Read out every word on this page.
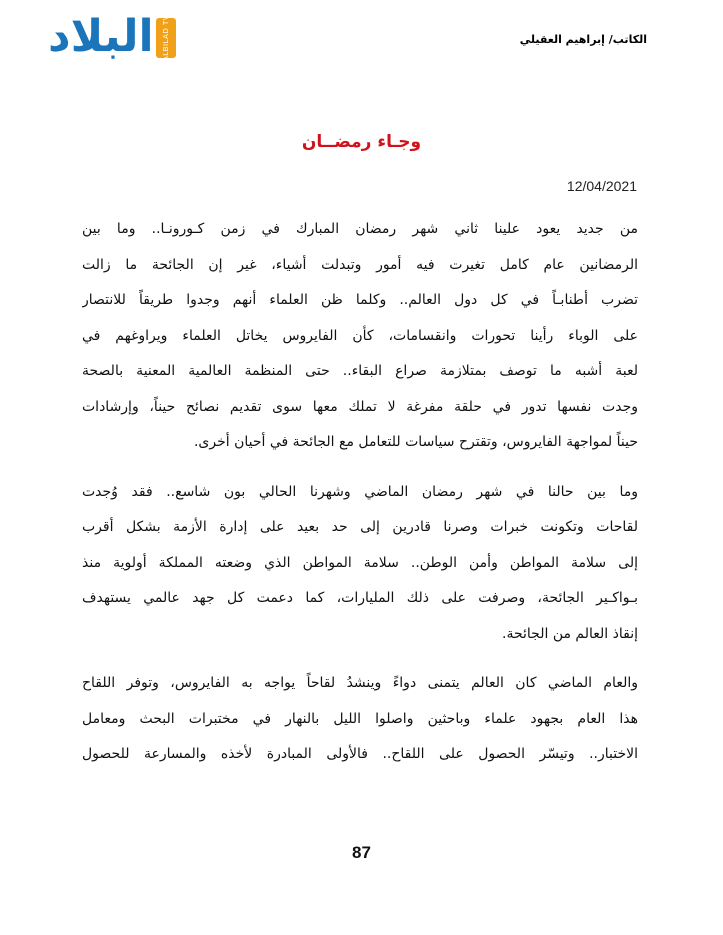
البلاد ALBILAD TV	الكاتب/ إبراهيم العقيلي
وجـاء رمضــان
12/04/2021
من جديد يعود علينا ثاني شهر رمضان المبارك في زمن كـورونـا.. وما بين
الرمضانين عام كامل تغيرت فيه أمور وتبدلت أشياء، غير إن الجائحة ما زالت
تضرب أطنابـاً في كل دول العالم.. وكلما ظن العلماء أنهم وجدوا طريقاً للانتصار
على الوباء رأينا تحورات وانقسامات، كأن الفايروس يخاتل العلماء ويراوغهم في
لعبة أشبه ما توصف بمتلازمة صراع البقاء.. حتى المنظمة العالمية المعنية بالصحة
وجدت نفسها تدور في حلقة مفرغة لا تملك معها سوى تقديم نصائح حيناً، وإرشادات
حيناً لمواجهة الفايروس، وتقترح سياسات للتعامل مع الجائحة في أحيان أخرى.
وما بين حالنا في شهر رمضان الماضي وشهرنا الحالي بون شاسع.. فقد وُجدت
لقاحات وتكونت خبرات وصرنا قادرين إلى حد بعيد على إدارة الأزمة بشكل أقرب
إلى سلامة المواطن وأمن الوطن.. سلامة المواطن الذي وضعته المملكة أولوية منذ
بـواكـير الجائحة، وصرفت على ذلك المليارات، كما دعمت كل جهد عالمي يستهدف
إنقاذ العالم من الجائحة.
والعام الماضي كان العالم يتمنى دواءً وينشدُ لقاحاً يواجه به الفايروس، وتوفر اللقاح
هذا العام بجهود علماء وباحثين واصلوا الليل بالنهار في مختبرات البحث ومعامل
الاختبار.. وتيسّر الحصول على اللقاح.. فالأولى المبادرة لأخذه والمسارعة للحصول
87
